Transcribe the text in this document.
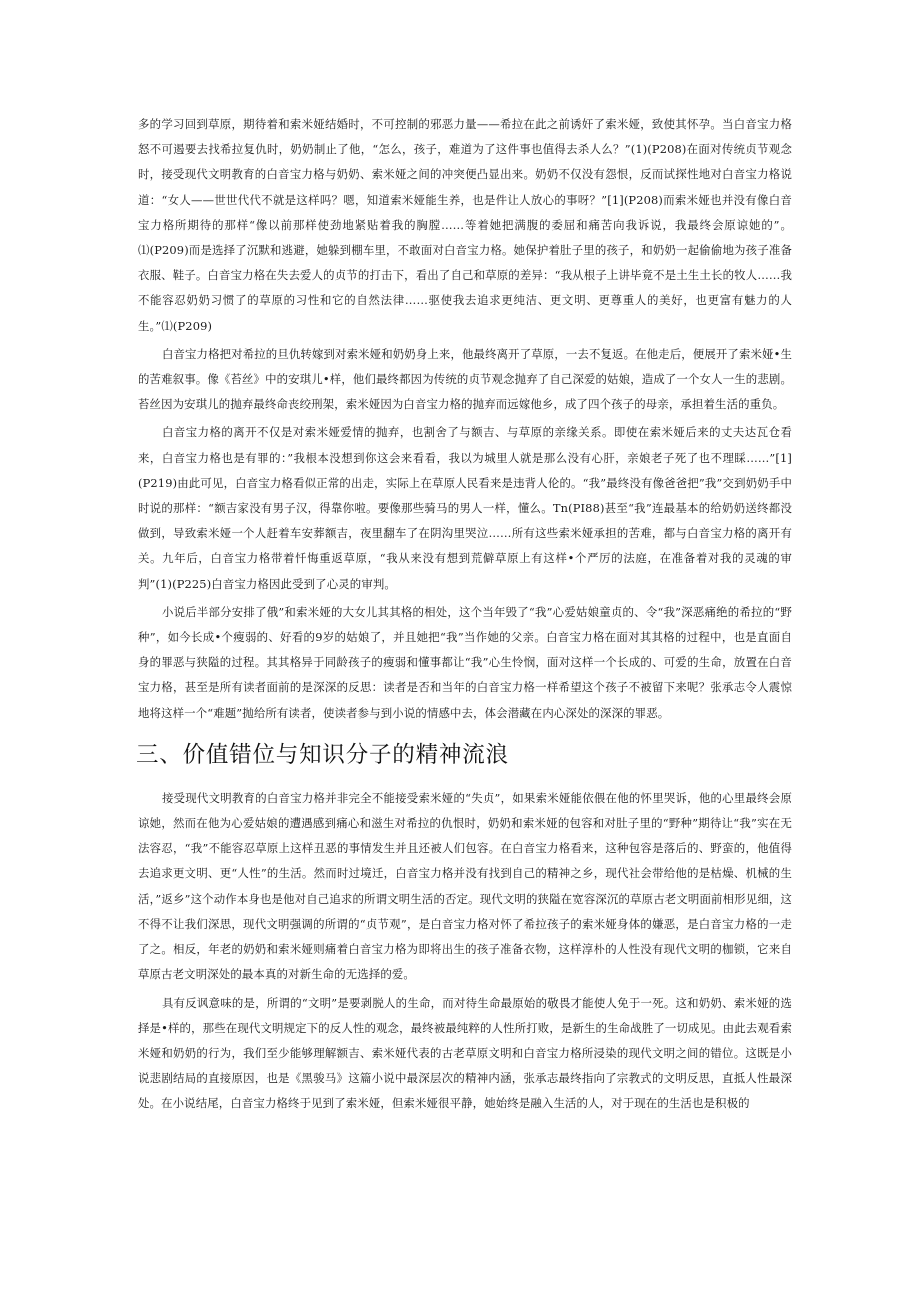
多的学习回到草原，期待着和索米娅结婚时，不可控制的邪恶力量——希拉在此之前诱奸了索米娅，致使其怀孕。当白音宝力格怒不可遏要去找希拉复仇时，奶奶制止了他，“怎么，孩子，难道为了这件事也值得去杀人么？”(1)(P208)在面对传统贞节观念时，接受现代文明教育的白音宝力格与奶奶、索米娅之间的冲突便凸显出来。奶奶不仅没有怨恨，反而试探性地对白音宝力格说道：“女人——世世代代不就是这样吗？嗯，知道索米娅能生养，也是件让人放心的事呀？”[1](P208)而索米娅也并没有像白音宝力格所期待的那样“像以前那样使劲地紧贴着我的胸膛……等着她把满腹的委屈和痛苦向我诉说，我最终会原谅她的”。⑴(P209)而是选择了沉默和逃避，她躲到棚车里，不敢面对白音宝力格。她保护着肚子里的孩子，和奶奶一起偷偷地为孩子准备衣服、鞋子。白音宝力格在失去爱人的贞节的打击下，看出了自己和草原的差异：“我从根子上讲毕竟不是土生土长的牧人……我不能容忍奶奶习惯了的草原的习性和它的自然法律……驱使我去追求更纯洁、更文明、更尊重人的美好，也更富有魅力的人生。”⑴(P209)

白音宝力格把对希拉的旦仇转嫁到对索米娅和奶奶身上来，他最终离开了草原，一去不复返。在他走后，便展开了索米娅•生的苦难叙事。像《苔丝》中的安琪儿•样，他们最终都因为传统的贞节观念抛弃了自己深爱的姑娘，造成了一个女人一生的悲剧。苔丝因为安琪儿的抛弃最终命丧绞刑架，索米娅因为白音宝力格的抛弃而远嫁他乡，成了四个孩子的母亲，承担着生活的重负。

白音宝力格的离开不仅是对索米娅爱情的抛弃，也割舍了与额吉、与草原的亲缘关系。即使在索米娅后来的丈夫达瓦仓看来，白音宝力格也是有罪的：”我根本没想到你这会来看看，我以为城里人就是那么没有心肝，亲娘老子死了也不理睬……”[1](P219)由此可见，白音宝力格看似正常的出走，实际上在草原人民看来是违背人伦的。“我”最终没有像爸爸把”我”交到奶奶手中时说的那样：“额吉家没有男子汉，得靠你啦。要像那些骑马的男人一样，懂么。Tn(PI88)甚至“我”连最基本的给奶奶送终都没做到，导致索米娅一个人赶着车安葬额吉，夜里翻车了在阴沟里哭泣……所有这些索米娅承担的苦难，都与白音宝力格的离开有关。九年后，白音宝力格带着忏悔重返草原，“我从来没有想到荒僻草原上有这样•个严厉的法庭，在准备着对我的灵魂的审判”(1)(P225)白音宝力格因此受到了心灵的审判。

小说后半部分安排了俄”和索米娅的大女儿其其格的相处，这个当年毁了“我”心爱姑娘童贞的、令“我”深恶痛绝的希拉的“野种”，如今长成•个瘦弱的、好看的9岁的姑娘了，并且她把“我”当作她的父亲。白音宝力格在面对其其格的过程中，也是直面自身的罪恶与狭隘的过程。其其格异于同龄孩子的瘦弱和懂事都让“我”心生怜悯，面对这样一个长成的、可爱的生命，放置在白音宝力格，甚至是所有读者面前的是深深的反思：读者是否和当年的白音宝力格一样希望这个孩子不被留下来呢？张承志令人震惊地将这样一个“难题”抛给所有读者，使读者参与到小说的情感中去，体会潜藏在内心深处的深深的罪恶。

三、价值错位与知识分子的精神流浪

接受现代文明教育的白音宝力格并非完全不能接受索米娅的“失贞”，如果索米娅能依偎在他的怀里哭诉，他的心里最终会原谅她，然而在他为心爱姑娘的遭遇感到痛心和滋生对希拉的仇恨时，奶奶和索米娅的包容和对肚子里的“野种”期待让“我”实在无法容忍，“我”不能容忍草原上这样丑恶的事情发生并且还被人们包容。在白音宝力格看来，这种包容是落后的、野蛮的，他值得去追求更文明、更“人性”的生活。然而时过境迁，白音宝力格并没有找到自己的精神之乡，现代社会带给他的是枯燥、机械的生活，”返乡”这个动作本身也是他对自己追求的所谓文明生活的否定。现代文明的狭隘在宽容深沉的草原古老文明面前相形见细，这不得不让我们深思，现代文明强调的所谓的“贞节观”，是白音宝力格对怀了希拉孩子的索米娅身体的嫌恶，是白音宝力格的一走了之。相反，年老的奶奶和索米娅则痛着白音宝力格为即将出生的孩子准备衣物，这样淳朴的人性没有现代文明的枷锁，它来自草原古老文明深处的最本真的对新生命的无选择的爱。

具有反讽意味的是，所谓的“文明”是要剥脱人的生命，而对待生命最原始的敬畏才能使人免于一死。这和奶奶、索米娅的选择是•样的，那些在现代文明规定下的反人性的观念，最终被最纯粹的人性所打败，是新生的生命战胜了一切成见。由此去观看索米娅和奶奶的行为，我们至少能够理解额吉、索米娅代表的古老草原文明和白音宝力格所浸染的现代文明之间的错位。这既是小说悲剧结局的直接原因，也是《黑骏马》这篇小说中最深层次的精神内涵，张承志最终指向了宗教式的文明反思，直抵人性最深处。在小说结尾，白音宝力格终于见到了索米娅，但索米娅很平静，她始终是融入生活的人，对于现在的生活也是积极的
